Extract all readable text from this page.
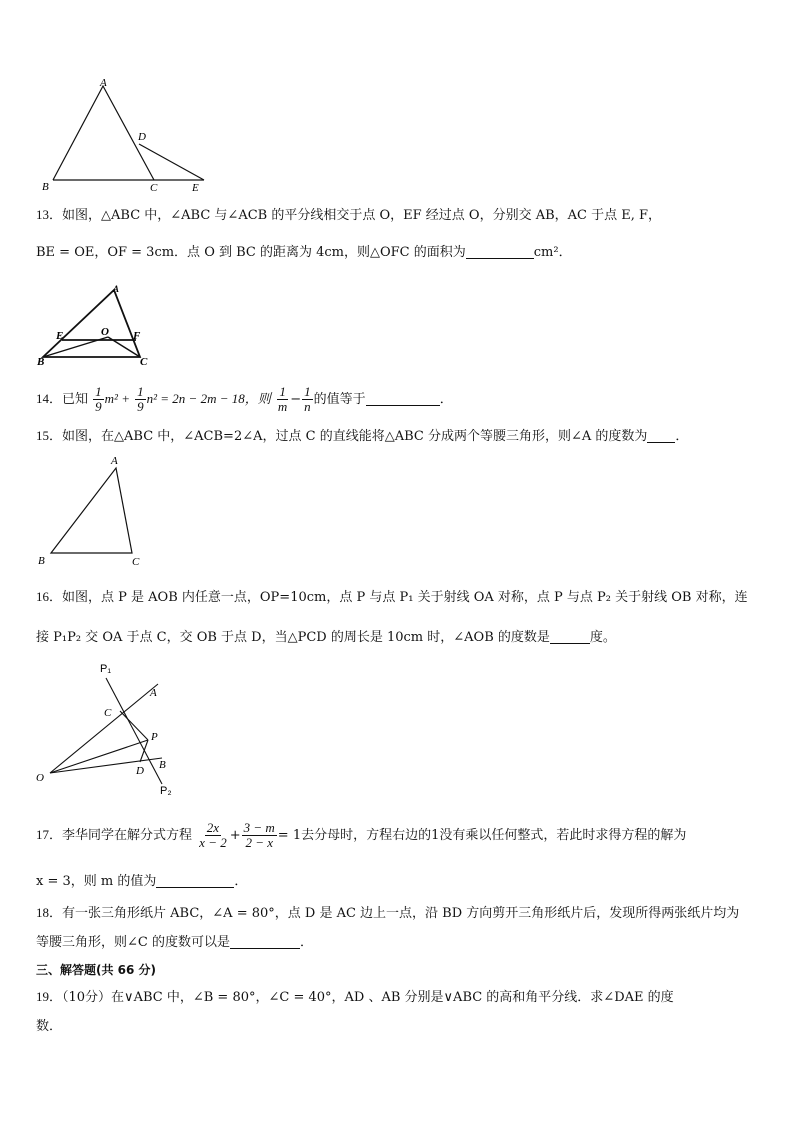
A
D
B	C	E
13．如图，△ABC 中，∠ABC 与∠ACB 的平分线相交于点 O，EF 经过点 O，分别交 AB，AC 于点 E, F，
BE = OE，OF = 3cm．点 O 到 BC 的距离为 4cm，则△OFC 的面积为	cm²．
A
E	O F
B	C
14．已知 $\frac{1}{9} m^2 + \frac{1}{9} n^2 = 2n - 2m - 18$，则 $\frac{1}{m} - \frac{1}{n}$ 的值等于	．
15．如图，在△ABC 中，∠ACB=2∠A，过点 C 的直线能将△ABC 分成两个等腰三角形，则∠A 的度数为 ．
A
B	C
16．如图，点 P 是 AOB 内任意一点，OP=10cm，点 P 与点 P₁ 关于射线 OA 对称，点 P 与点 P₂ 关于射线 OB 对称，连
接 P₁P₂ 交 OA 于点 C，交 OB 于点 D，当△PCD 的周长是 10cm 时，∠AOB 的度数是	度。
P₁
A
C
P
O
D B
P₂
17．李华同学在解分式方程 $\frac{2x}{x - 2} + \frac{3 - m}{2 - x} = 1$去分母时，方程右边的1没有乘以任何整式，若此时求得方程的解为
x = 3，则 m 的值为	．
18．有一张三角形纸片 ABC，∠A = 80°，点 D 是 AC 边上一点，沿 BD 方向剪开三角形纸片后，发现所得两张纸片均为
等腰三角形，则∠C 的度数可以是	．
三、解答题(共 66 分)
19．（10分）在∨ABC 中，∠B = 80°，∠C = 40°，AD 、AB 分别是∨ABC 的高和角平分线．求∠DAE 的度
数．
